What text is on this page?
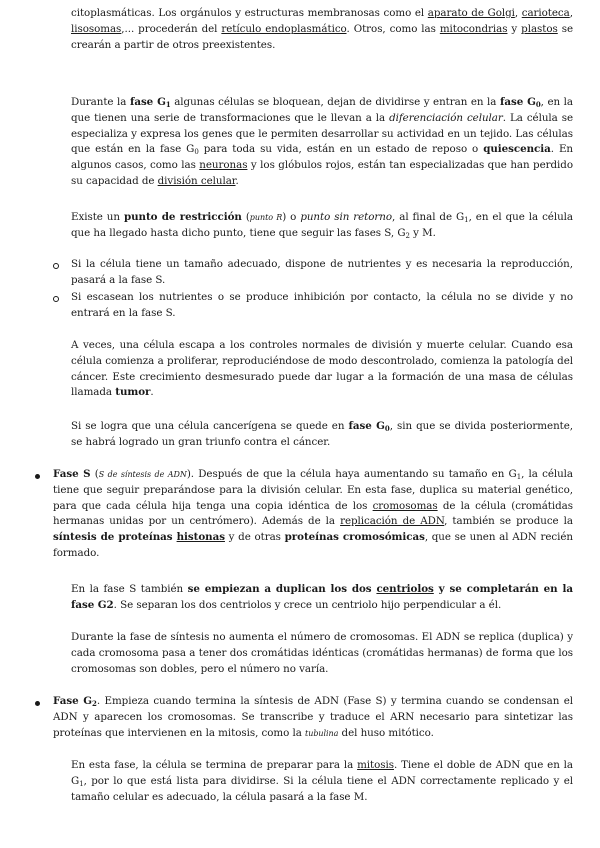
citoplasmáticas. Los orgánulos y estructuras membranosas como el aparato de Golgi, carioteca, lisosomas,... procederán del retículo endoplasmático. Otros, como las mitocondrias y plastos se crearán a partir de otros preexistentes.

Durante la fase $G_1$ algunas células se bloquean, dejan de dividirse y entran en la fase $G_0$, en la que tienen una serie de transformaciones que le llevan a la diferenciación celular. La célula se especializa y expresa los genes que le permiten desarrollar su actividad en un tejido. Las células que están en la fase $G_0$ para toda su vida, están en un estado de reposo o quiescencia. En algunos casos, como las neuronas y los glóbulos rojos, están tan especializadas que han perdido su capacidad de división celular.

Existe un punto de restricción (punto R) o punto sin retorno, al final de $G_1$, en el que la célula que ha llegado hasta dicho punto, tiene que seguir las fases S, $G_2$ y M.

Si la célula tiene un tamaño adecuado, dispone de nutrientes y es necesaria la reproducción, pasará a la fase S.

Si escasean los nutrientes o se produce inhibición por contacto, la célula no se divide y no entrará en la fase S.

A veces, una célula escapa a los controles normales de división y muerte celular. Cuando esa célula comienza a proliferar, reproduciéndose de modo descontrolado, comienza la patología del cáncer. Este crecimiento desmesurado puede dar lugar a la formación de una masa de células llamada tumor.

Si se logra que una célula cancerígena se quede en fase $G_0$, sin que se divida posteriormente, se habrá logrado un gran triunfo contra el cáncer.

Fase S (S de síntesis de ADN). Después de que la célula haya aumentando su tamaño en $G_1$, la célula tiene que seguir preparándose para la división celular. En esta fase, duplica su material genético, para que cada célula hija tenga una copia idéntica de los cromosomas de la célula (cromátidas hermanas unidas por un centrómero). Además de la replicación de ADN, también se produce la síntesis de proteínas histonas y de otras proteínas cromosómicas, que se unen al ADN recién formado.

En la fase S también se empiezan a duplican los dos centriolos y se completarán en la fase G2. Se separan los dos centriolos y crece un centriolo hijo perpendicular a él.

Durante la fase de síntesis no aumenta el número de cromosomas. El ADN se replica (duplica) y cada cromosoma pasa a tener dos cromátidas idénticas (cromátidas hermanas) de forma que los cromosomas son dobles, pero el número no varía.

Fase $G_2$. Empieza cuando termina la síntesis de ADN (Fase S) y termina cuando se condensan el ADN y aparecen los cromosomas. Se transcribe y traduce el ARN necesario para sintetizar las proteínas que intervienen en la mitosis, como la tubulina del huso mitótico.

En esta fase, la célula se termina de preparar para la mitosis. Tiene el doble de ADN que en la $G_1$, por lo que está lista para dividirse. Si la célula tiene el ADN correctamente replicado y el tamaño celular es adecuado, la célula pasará a la fase M.
